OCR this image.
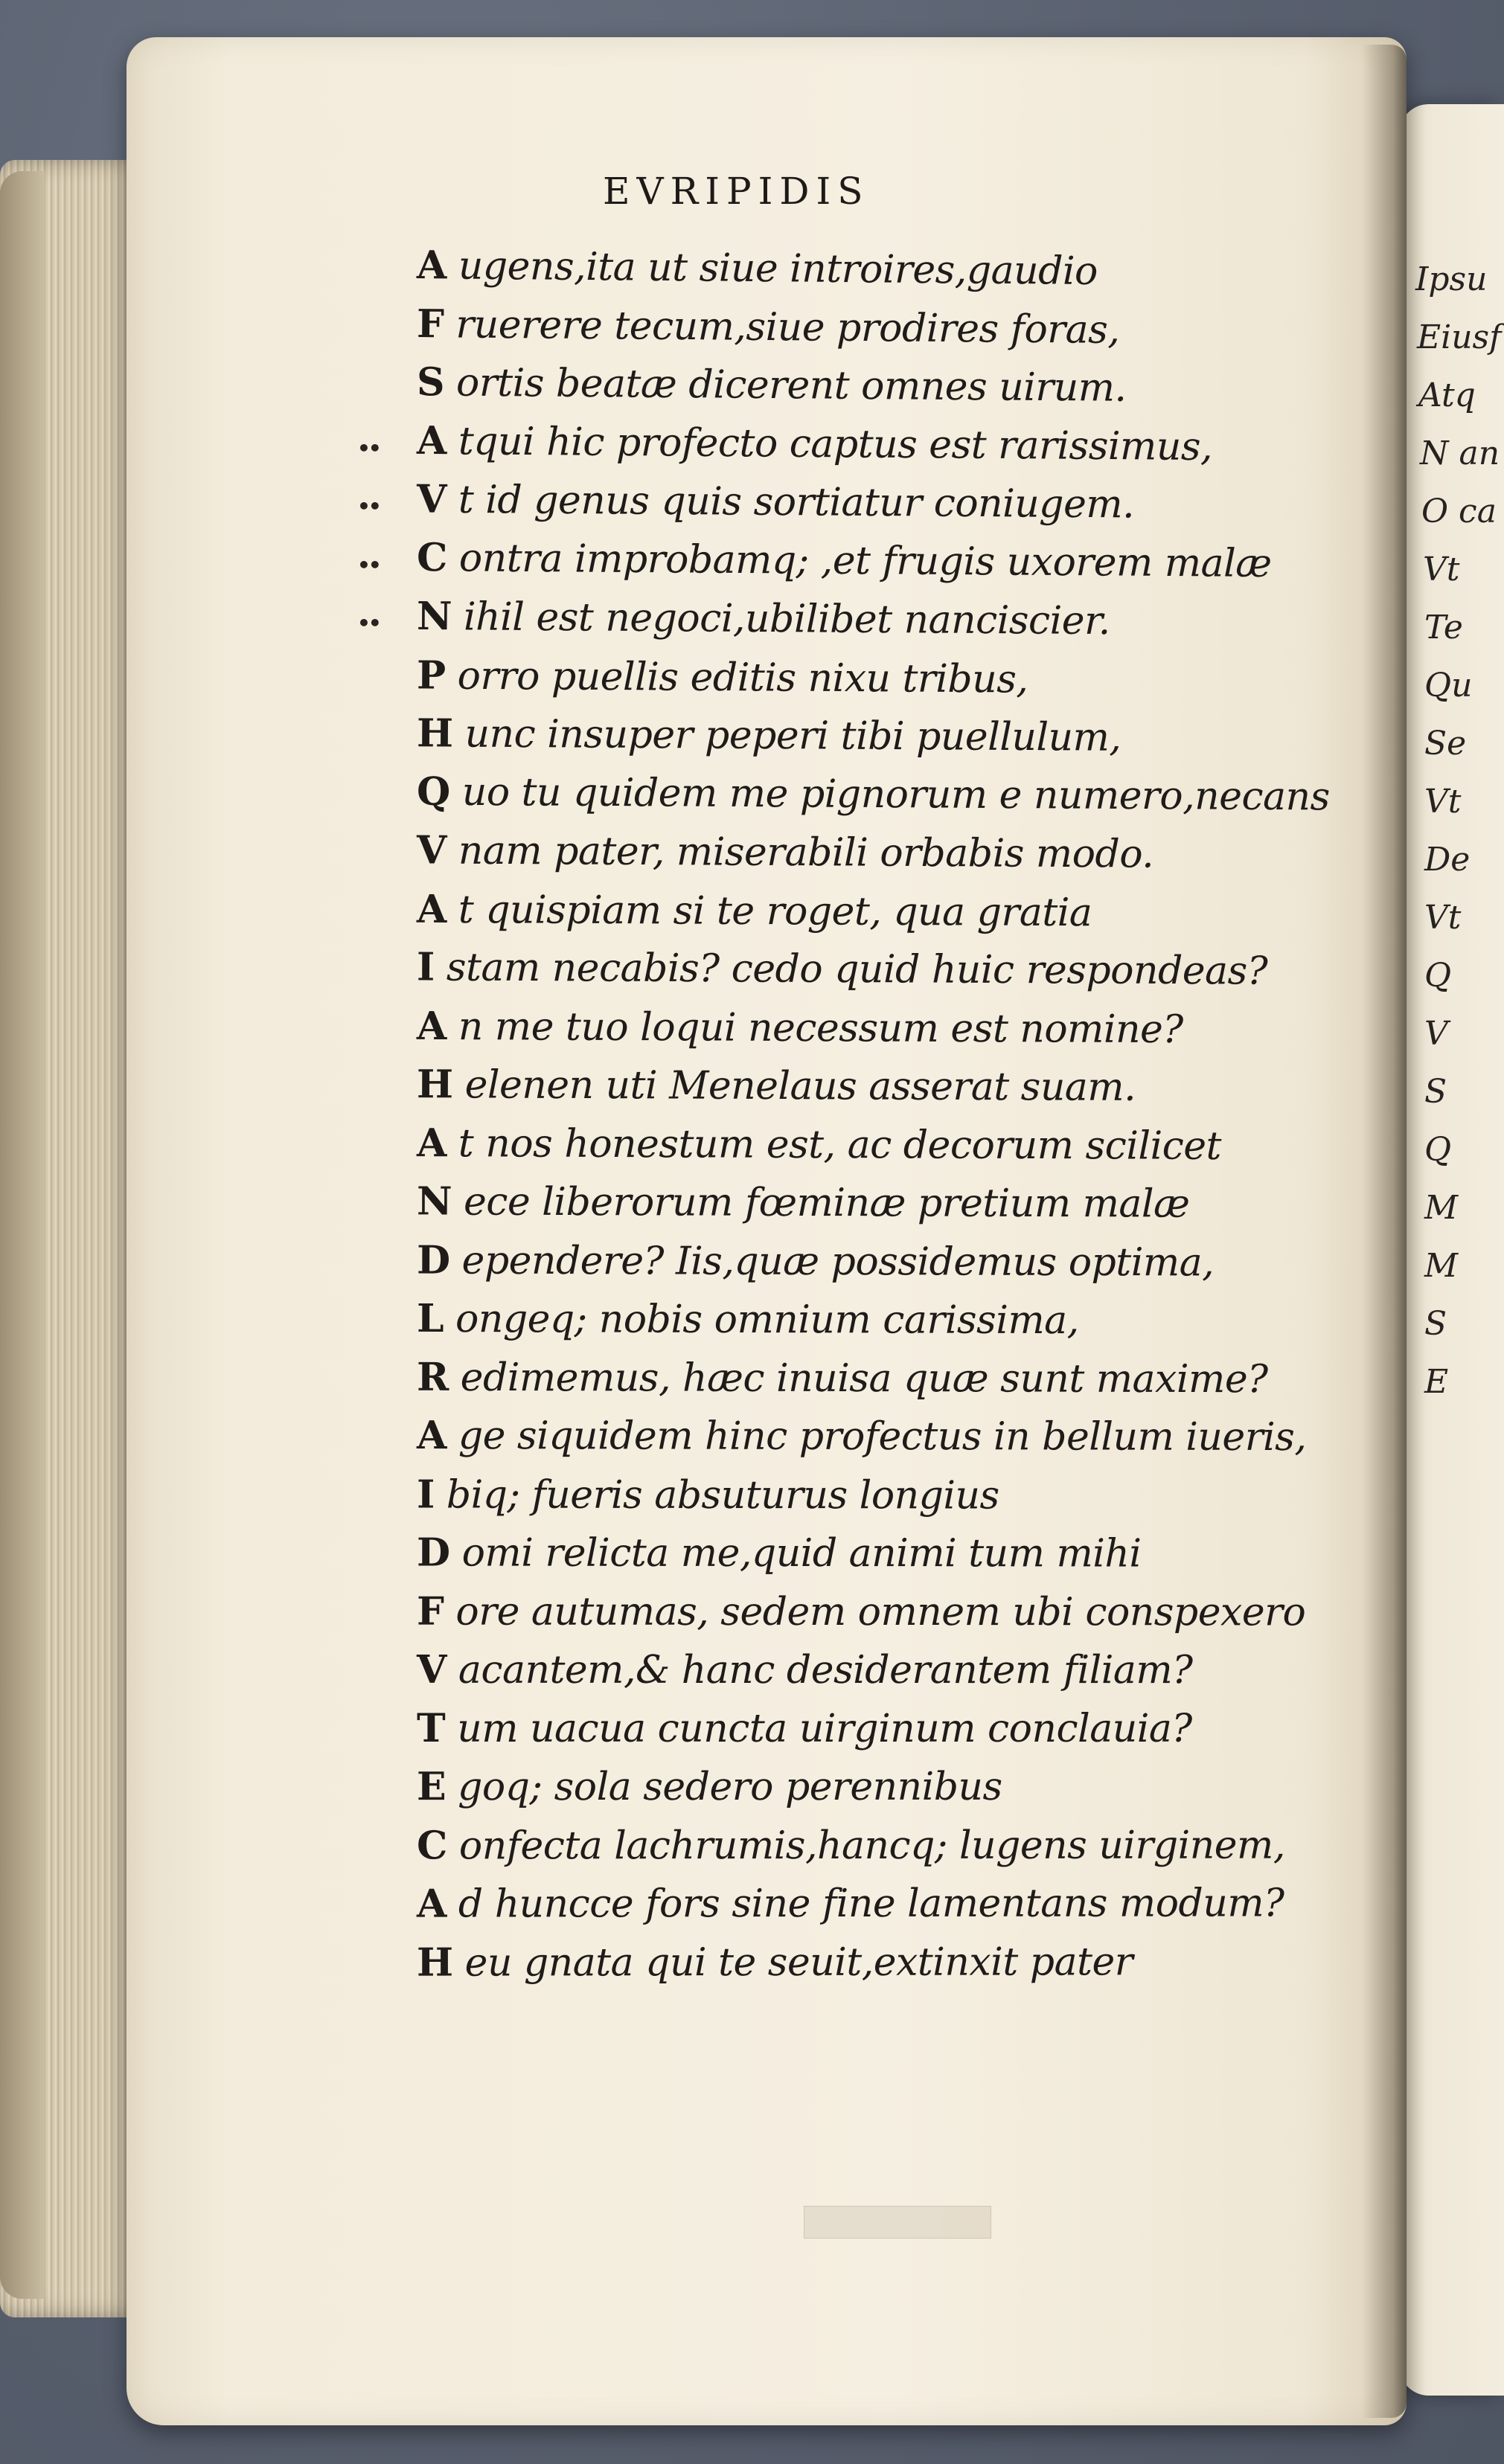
Ipsu
Eiusf
Atq
N an
O ca
Vt
Te
Qu
Se
Vt
De
Vt
Q
V
S
Q
M
M
S
E
EVRIPIDIS
A ugens,ita ut siue introires,gaudio
F ruerere tecum,siue prodires foras,
S ortis beatæ dicerent omnes uirum.
A tqui hic profecto captus est rarissimus,
••
V t id genus quis sortiatur coniugem.
••
C ontra improbamq; ,et frugis uxorem malæ
••
N ihil est negoci,ubilibet nanciscier.
••
P orro puellis editis nixu tribus,
H unc insuper peperi tibi puellulum,
Q uo tu quidem me pignorum e numero,necans
V nam pater, miserabili orbabis modo.
A t quispiam si te roget, qua gratia
I stam necabis? cedo quid huic respondeas?
A n me tuo loqui necessum est nomine?
H elenen uti Menelaus asserat suam.
A t nos honestum est, ac decorum scilicet
N ece liberorum fœminæ pretium malæ
D ependere? Iis,quæ possidemus optima,
L ongeq; nobis omnium carissima,
R edimemus, hæc inuisa quæ sunt maxime?
A ge siquidem hinc profectus in bellum iueris,
I biq; fueris absuturus longius
D omi relicta me,quid animi tum mihi
F ore autumas, sedem omnem ubi conspexero
V acantem,& hanc desiderantem filiam?
T um uacua cuncta uirginum conclauia?
E goq; sola sedero perennibus
C onfecta lachrumis,hancq; lugens uirginem,
A d huncce fors sine fine lamentans modum?
H eu gnata qui te seuit,extinxit pater
